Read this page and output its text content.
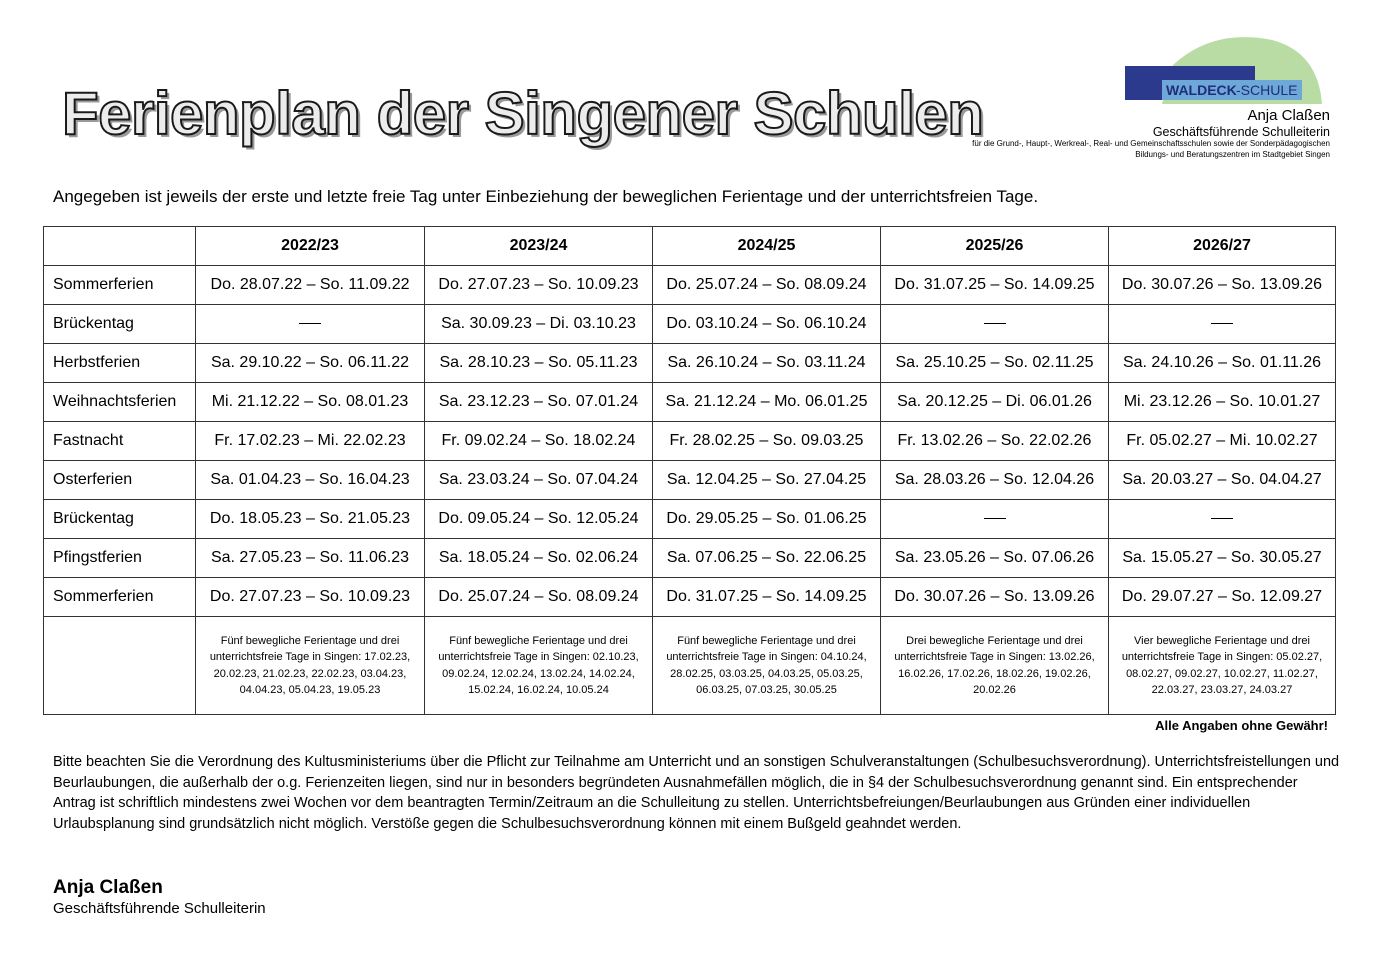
Ferienplan der Singener Schulen	WALDECK -SCHULE
Anja Claßen
Geschäftsführende Schulleiterin
für die Grund-, Haupt-, Werkreal-, Real- und Gemeinschaftsschulen sowie der Sonderpädagogischen Bildungs- und Beratungszentren im Stadtgebiet Singen
Angegeben ist jeweils der erste und letzte freie Tag unter Einbeziehung der beweglichen Ferientage und der unterrichtsfreien Tage.
	2022/23	2023/24	2024/25	2025/26	2026/27
Sommerferien	Do. 28.07.22 – So. 11.09.22	Do. 27.07.23 – So. 10.09.23	Do. 25.07.24 – So. 08.09.24	Do. 31.07.25 – So. 14.09.25	Do. 30.07.26 – So. 13.09.26
Brückentag		Sa. 30.09.23 – Di. 03.10.23	Do. 03.10.24 – So. 06.10.24		
Herbstferien	Sa. 29.10.22 – So. 06.11.22	Sa. 28.10.23 – So. 05.11.23	Sa. 26.10.24 – So. 03.11.24	Sa. 25.10.25 – So. 02.11.25	Sa. 24.10.26 – So. 01.11.26
Weihnachtsferien	Mi. 21.12.22 – So. 08.01.23	Sa. 23.12.23 – So. 07.01.24	Sa. 21.12.24 – Mo. 06.01.25	Sa. 20.12.25 – Di. 06.01.26	Mi. 23.12.26 – So. 10.01.27
Fastnacht	Fr. 17.02.23 – Mi. 22.02.23	Fr. 09.02.24 – So. 18.02.24	Fr. 28.02.25 – So. 09.03.25	Fr. 13.02.26 – So. 22.02.26	Fr. 05.02.27 – Mi. 10.02.27
Osterferien	Sa. 01.04.23 – So. 16.04.23	Sa. 23.03.24 – So. 07.04.24	Sa. 12.04.25 – So. 27.04.25	Sa. 28.03.26 – So. 12.04.26	Sa. 20.03.27 – So. 04.04.27
Brückentag	Do. 18.05.23 – So. 21.05.23	Do. 09.05.24 – So. 12.05.24	Do. 29.05.25 – So. 01.06.25		
Pfingstferien	Sa. 27.05.23 – So. 11.06.23	Sa. 18.05.24 – So. 02.06.24	Sa. 07.06.25 – So. 22.06.25	Sa. 23.05.26 – So. 07.06.26	Sa. 15.05.27 – So. 30.05.27
Sommerferien	Do. 27.07.23 – So. 10.09.23	Do. 25.07.24 – So. 08.09.24	Do. 31.07.25 – So. 14.09.25	Do. 30.07.26 – So. 13.09.26	Do. 29.07.27 – So. 12.09.27
	Fünf bewegliche Ferientage und drei unterrichtsfreie Tage in Singen: 17.02.23, 20.02.23, 21.02.23, 22.02.23, 03.04.23, 04.04.23, 05.04.23, 19.05.23	Fünf bewegliche Ferientage und drei unterrichtsfreie Tage in Singen: 02.10.23, 09.02.24, 12.02.24, 13.02.24, 14.02.24, 15.02.24, 16.02.24, 10.05.24	Fünf bewegliche Ferientage und drei unterrichtsfreie Tage in Singen: 04.10.24, 28.02.25, 03.03.25, 04.03.25, 05.03.25, 06.03.25, 07.03.25, 30.05.25	Drei bewegliche Ferientage und drei unterrichtsfreie Tage in Singen: 13.02.26, 16.02.26, 17.02.26, 18.02.26, 19.02.26, 20.02.26	Vier bewegliche Ferientage und drei unterrichtsfreie Tage in Singen: 05.02.27, 08.02.27, 09.02.27, 10.02.27, 11.02.27, 22.03.27, 23.03.27, 24.03.27
Alle Angaben ohne Gewähr!
Bitte beachten Sie die Verordnung des Kultusministeriums über die Pflicht zur Teilnahme am Unterricht und an sonstigen Schulveranstaltungen (Schulbesuchsverordnung). Unterrichtsfreistellungen und Beurlaubungen, die außerhalb der o.g. Ferienzeiten liegen, sind nur in besonders begründeten Ausnahmefällen möglich, die in §4 der Schulbesuchsverordnung genannt sind. Ein entsprechender Antrag ist schriftlich mindestens zwei Wochen vor dem beantragten Termin/Zeitraum an die Schulleitung zu stellen. Unterrichtsbefreiungen/Beurlaubungen aus Gründen einer individuellen Urlaubsplanung sind grundsätzlich nicht möglich. Verstöße gegen die Schulbesuchsverordnung können mit einem Bußgeld geahndet werden.
Anja Claßen
Geschäftsführende Schulleiterin
